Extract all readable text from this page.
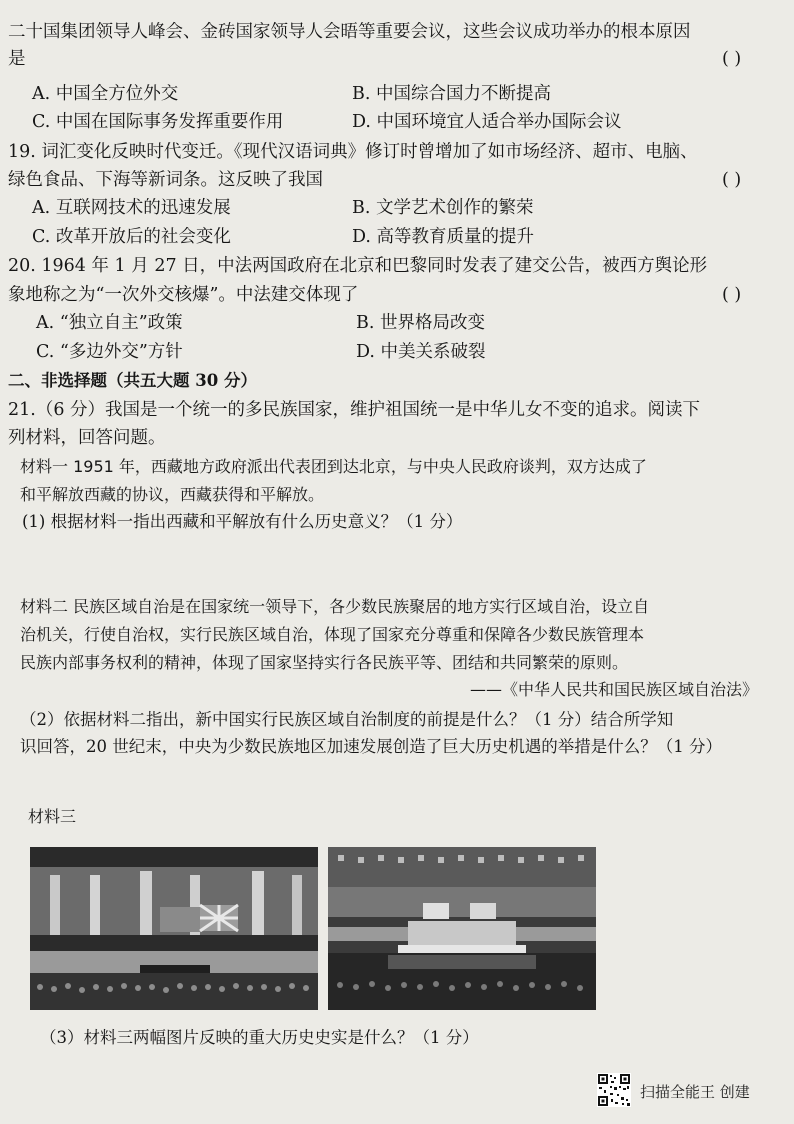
二十国集团领导人峰会、金砖国家领导人会晤等重要会议，这些会议成功举办的根本原因
是	( )
A. 中国全方位外交	B. 中国综合国力不断提高
C. 中国在国际事务发挥重要作用	D. 中国环境宜人适合举办国际会议
19. 词汇变化反映时代变迁。《现代汉语词典》修订时曾增加了如市场经济、超市、电脑、
绿色食品、下海等新词条。这反映了我国	( )
A. 互联网技术的迅速发展	B. 文学艺术创作的繁荣
C. 改革开放后的社会变化	D. 高等教育质量的提升
20. 1964 年 1 月 27 日，中法两国政府在北京和巴黎同时发表了建交公告，被西方舆论形
象地称之为“一次外交核爆”。中法建交体现了	( )
A. “独立自主”政策	B. 世界格局改变
C. “多边外交”方针	D. 中美关系破裂
二、非选择题（共五大题 30 分）
21.（6 分）我国是一个统一的多民族国家，维护祖国统一是中华儿女不变的追求。阅读下
列材料，回答问题。
材料一 1951 年，西藏地方政府派出代表团到达北京，与中央人民政府谈判，双方达成了
和平解放西藏的协议，西藏获得和平解放。
(1) 根据材料一指出西藏和平解放有什么历史意义？（1 分）
材料二 民族区域自治是在国家统一领导下，各少数民族聚居的地方实行区域自治，设立自
治机关，行使自治权，实行民族区域自治，体现了国家充分尊重和保障各少数民族管理本
民族内部事务权利的精神，体现了国家坚持实行各民族平等、团结和共同繁荣的原则。
——《中华人民共和国民族区域自治法》
（2）依据材料二指出，新中国实行民族区域自治制度的前提是什么？（1 分）结合所学知
识回答，20 世纪末，中央为少数民族地区加速发展创造了巨大历史机遇的举措是什么？（1 分）
材料三
（3）材料三两幅图片反映的重大历史史实是什么？（1 分）
扫描全能王 创建
